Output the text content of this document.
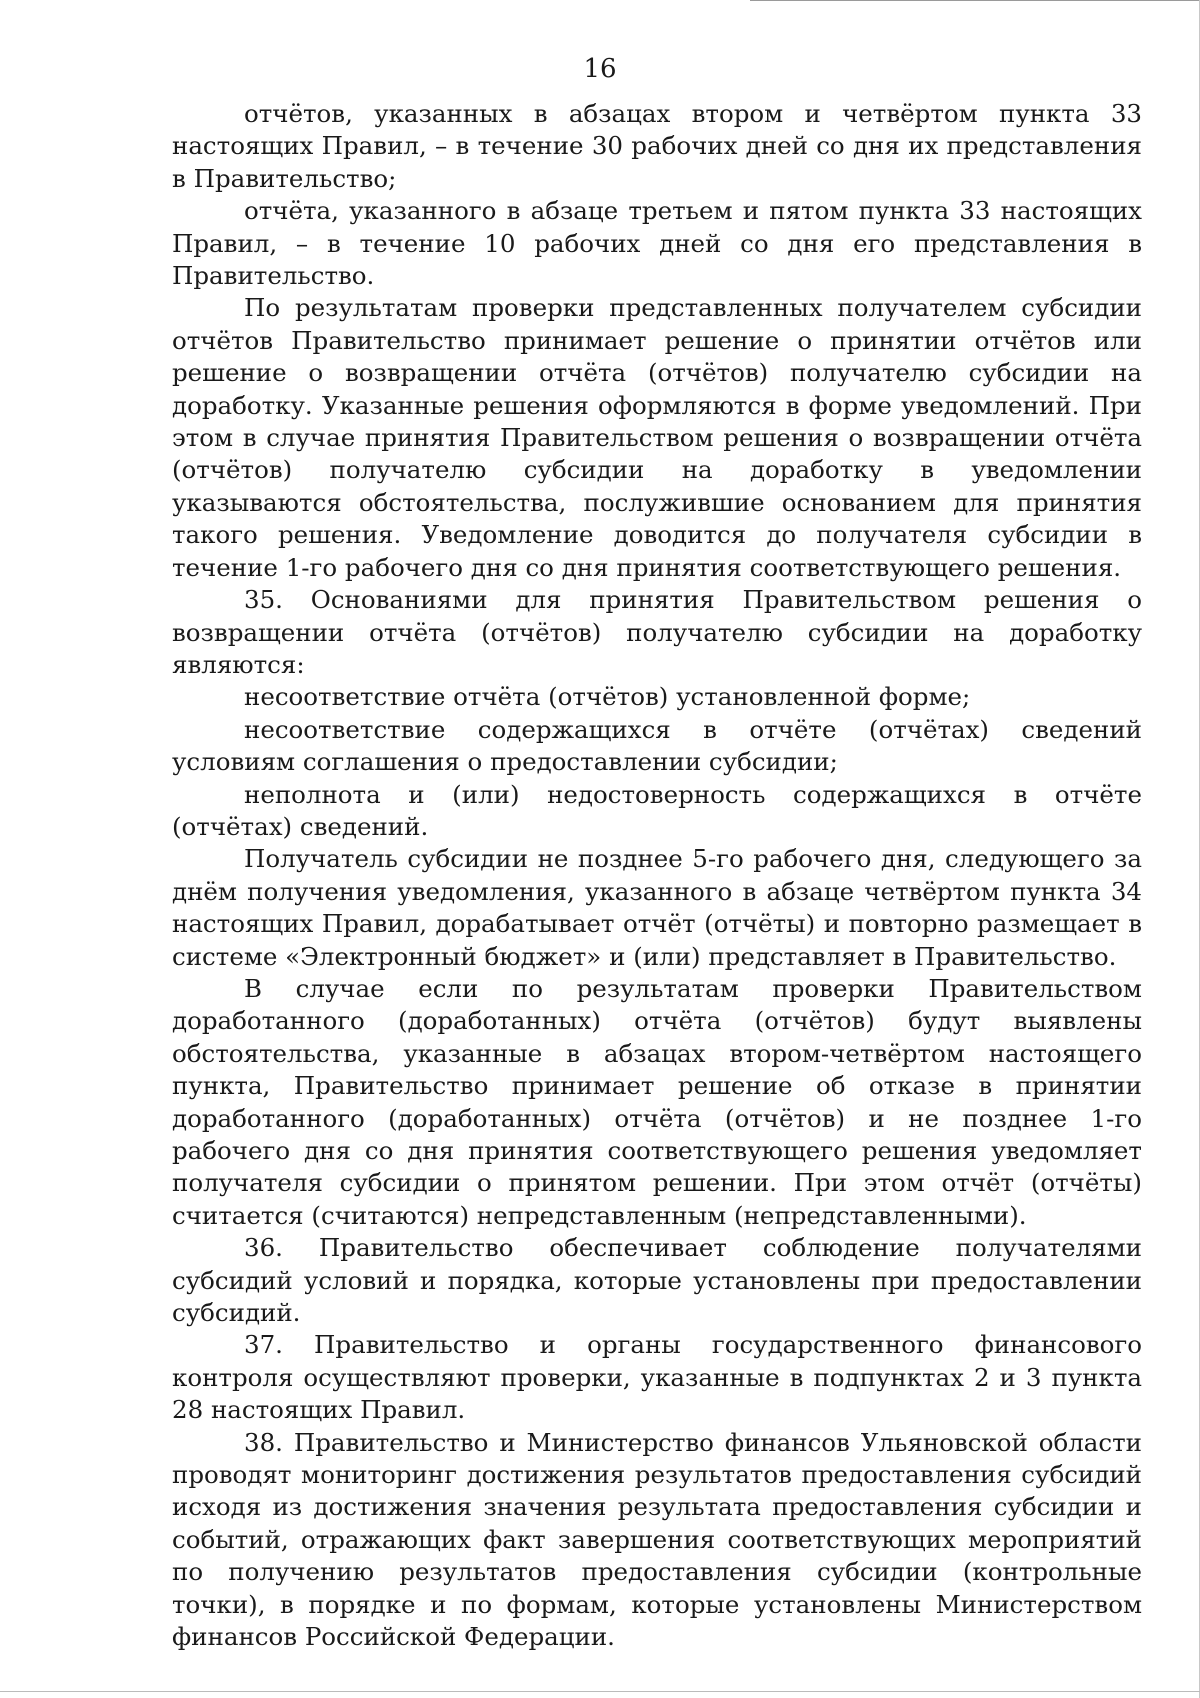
16

отчётов, указанных в абзацах втором и четвёртом пункта 33 настоящих Правил, – в течение 30 рабочих дней со дня их представления в Правительство;

отчёта, указанного в абзаце третьем и пятом пункта 33 настоящих Правил, – в течение 10 рабочих дней со дня его представления в Правительство.

По результатам проверки представленных получателем субсидии отчётов Правительство принимает решение о принятии отчётов или решение о возвращении отчёта (отчётов) получателю субсидии на доработку. Указанные решения оформляются в форме уведомлений. При этом в случае принятия Правительством решения о возвращении отчёта (отчётов) получателю субсидии на доработку в уведомлении указываются обстоятельства, послужившие основанием для принятия такого решения. Уведомление доводится до получателя субсидии в течение 1-го рабочего дня со дня принятия соответствующего решения.

35. Основаниями для принятия Правительством решения о возвращении отчёта (отчётов) получателю субсидии на доработку являются:

несоответствие отчёта (отчётов) установленной форме;

несоответствие содержащихся в отчёте (отчётах) сведений условиям соглашения о предоставлении субсидии;

неполнота и (или) недостоверность содержащихся в отчёте (отчётах) сведений.

Получатель субсидии не позднее 5-го рабочего дня, следующего за днём получения уведомления, указанного в абзаце четвёртом пункта 34 настоящих Правил, дорабатывает отчёт (отчёты) и повторно размещает в системе «Электронный бюджет» и (или) представляет в Правительство.

В случае если по результатам проверки Правительством доработанного (доработанных) отчёта (отчётов) будут выявлены обстоятельства, указанные в абзацах втором-четвёртом настоящего пункта, Правительство принимает решение об отказе в принятии доработанного (доработанных) отчёта (отчётов) и не позднее 1-го рабочего дня со дня принятия соответствующего решения уведомляет получателя субсидии о принятом решении. При этом отчёт (отчёты) считается (считаются) непредставленным (непредставленными).

36. Правительство обеспечивает соблюдение получателями субсидий условий и порядка, которые установлены при предоставлении субсидий.

37. Правительство и органы государственного финансового контроля осуществляют проверки, указанные в подпунктах 2 и 3 пункта 28 настоящих Правил.

38. Правительство и Министерство финансов Ульяновской области проводят мониторинг достижения результатов предоставления субсидий исходя из достижения значения результата предоставления субсидии и событий, отражающих факт завершения соответствующих мероприятий по получению результатов предоставления субсидии (контрольные точки), в порядке и по формам, которые установлены Министерством финансов Российской Федерации.
